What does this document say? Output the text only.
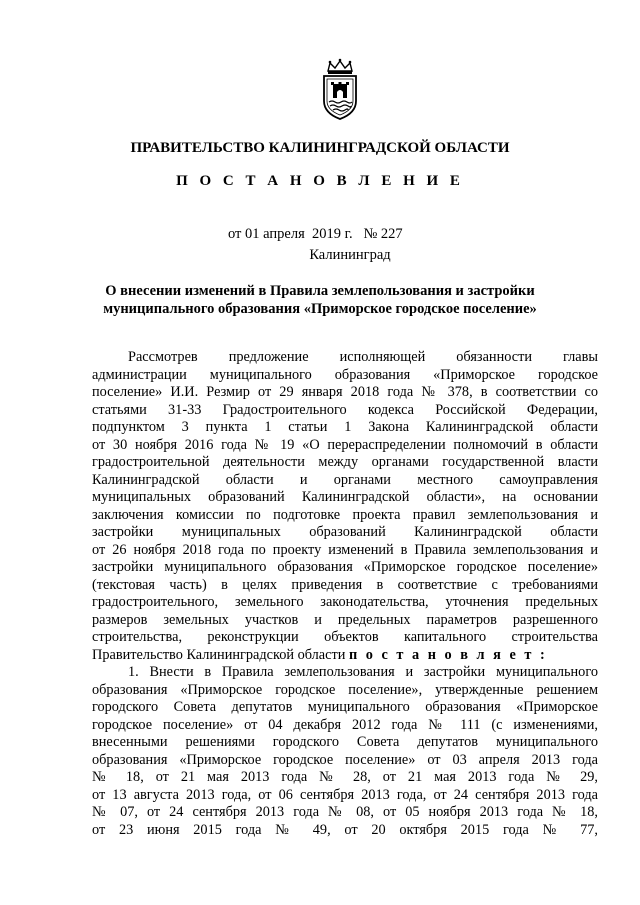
ПРАВИТЕЛЬСТВО КАЛИНИНГРАДСКОЙ ОБЛАСТИ
П О С Т А Н О В Л Е Н И Е
от 01 апреля  2019 г. № 227
Калининград
О внесении изменений в Правила землепользования и застройки
муниципального образования «Приморское городское поселение»
Рассмотрев предложение исполняющей обязанности главы
администрации муниципального образования «Приморское городское
поселение» И.И. Резмир от 29 января 2018 года № 378, в соответствии со
статьями 31-33 Градостроительного кодекса Российской Федерации,
подпунктом 3 пункта 1 статьи 1 Закона Калининградской области
от 30 ноября 2016 года № 19 «О перераспределении полномочий в области
градостроительной деятельности между органами государственной власти
Калининградской области и органами местного самоуправления
муниципальных образований Калининградской области», на основании
заключения комиссии по подготовке проекта правил землепользования и
застройки муниципальных образований Калининградской области
от 26 ноября 2018 года по проекту изменений в Правила землепользования и
застройки муниципального образования «Приморское городское поселение»
(текстовая часть) в целях приведения в соответствие с требованиями
градостроительного, земельного законодательства, уточнения предельных
размеров земельных участков и предельных параметров разрешенного
строительства, реконструкции объектов капитального строительства
Правительство Калининградской области п о с т а н о в л я е т :
1. Внести в Правила землепользования и застройки муниципального
образования «Приморское городское поселение», утвержденные решением
городского Совета депутатов муниципального образования «Приморское
городское поселение» от 04 декабря 2012 года № 111 (с изменениями,
внесенными решениями городского Совета депутатов муниципального
образования «Приморское городское поселение» от 03 апреля 2013 года
№ 18, от 21 мая 2013 года № 28, от 21 мая 2013 года № 29,
от 13 августа 2013 года, от 06 сентября 2013 года, от 24 сентября 2013 года
№ 07, от 24 сентября 2013 года № 08, от 05 ноября 2013 года № 18,
от 23 июня 2015 года № 49, от 20 октября 2015 года № 77,
